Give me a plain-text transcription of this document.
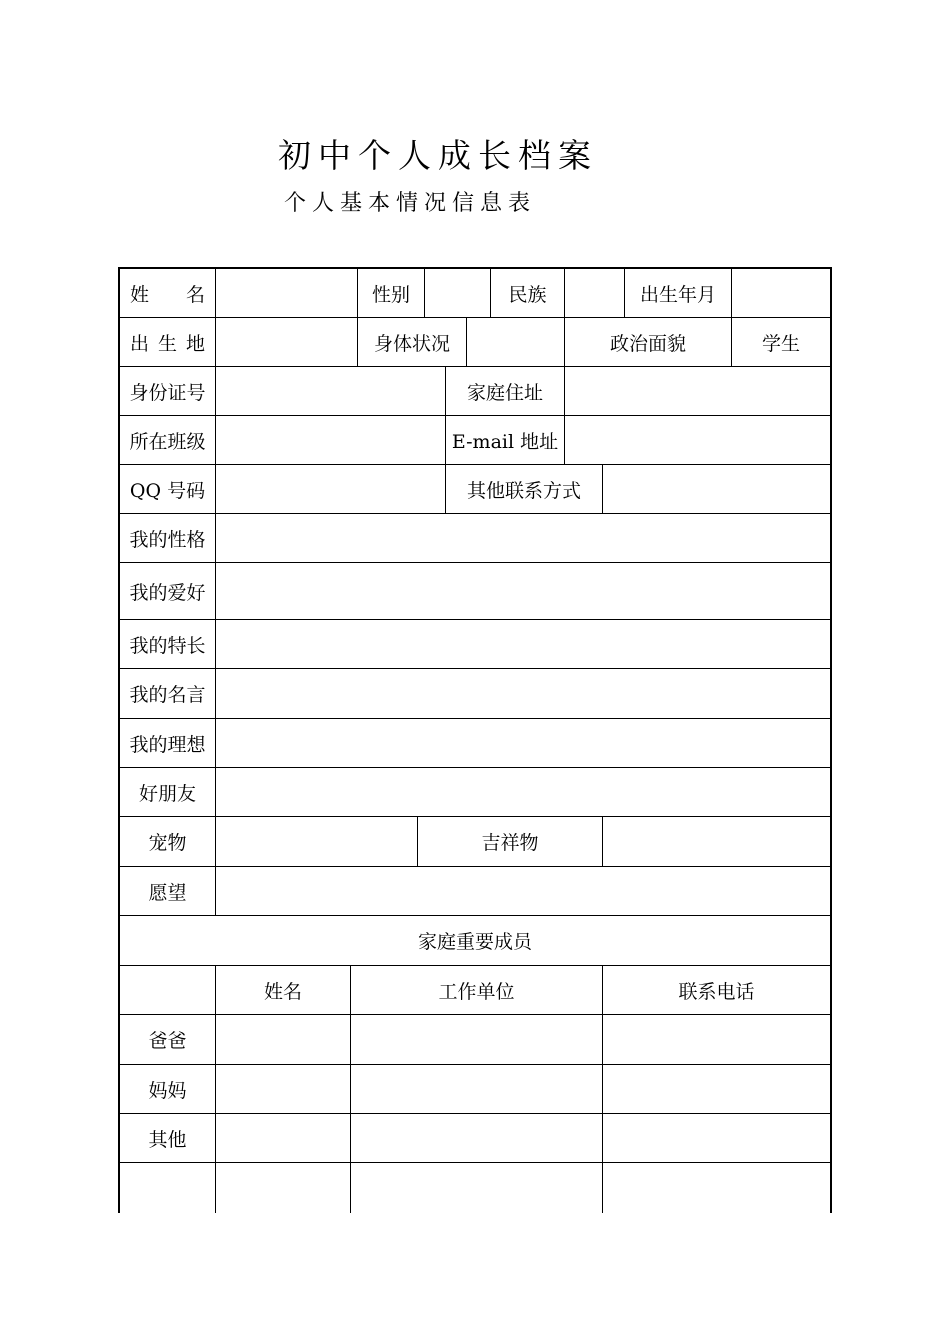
初中个人成长档案
个人基本情况信息表
姓 名	性别	民族	出生年月
出 生 地	身体状况	政治面貌	学生
身份证号	家庭住址
所在班级	E-mail 地址
QQ 号码	其他联系方式
我的性格
我的爱好
我的特长
我的名言
我的理想
好朋友
宠物	吉祥物
愿望
家庭重要成员
姓名	工作单位	联系电话
爸爸
妈妈
其他
